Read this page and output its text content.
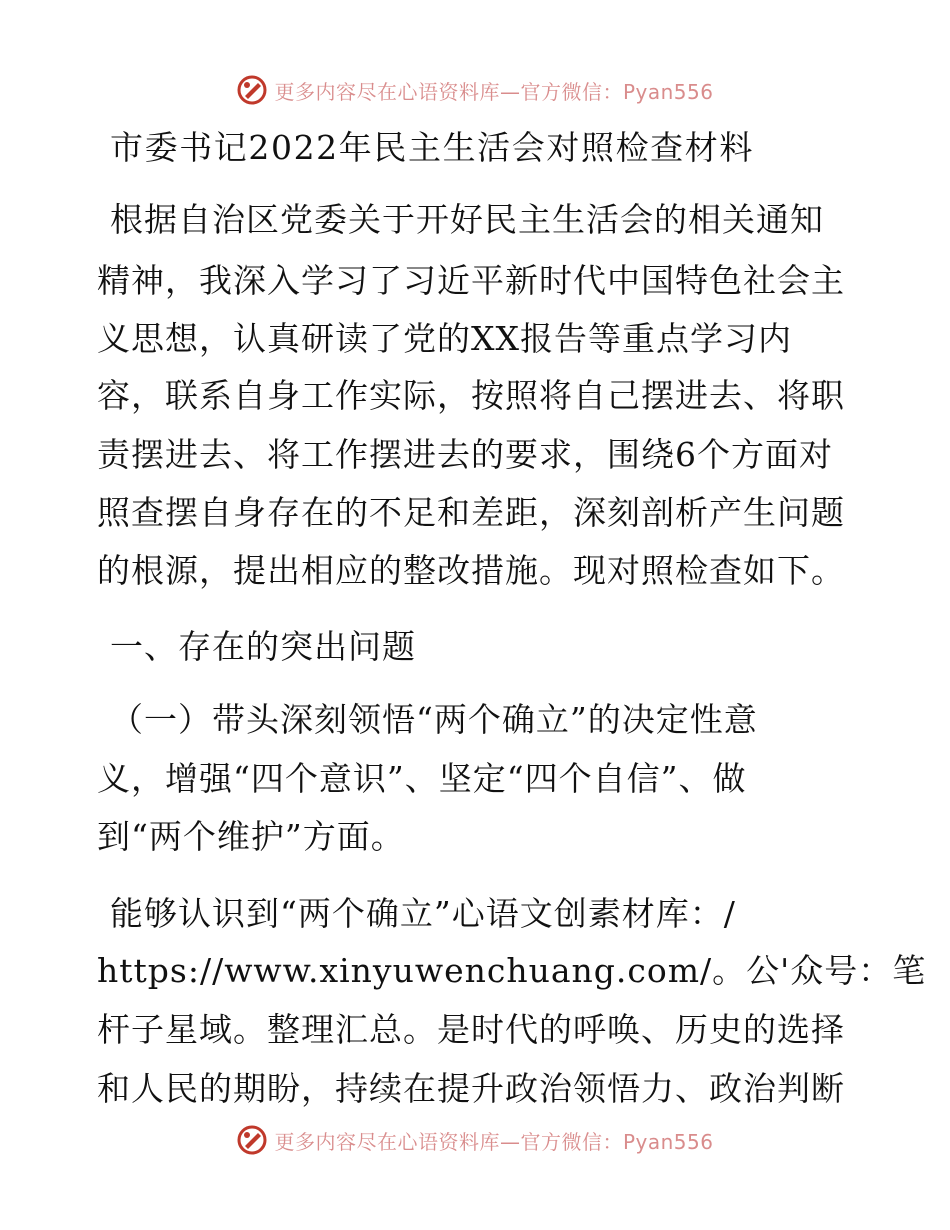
更多内容尽在心语资料库—官方微信：Pyan556
市委书记2022年民主生活会对照检查材料
根据自治区党委关于开好民主生活会的相关通知
精神，我深入学习了习近平新时代中国特色社会主
义思想，认真研读了党的XX报告等重点学习内
容，联系自身工作实际，按照将自己摆进去、将职
责摆进去、将工作摆进去的要求，围绕6个方面对
照查摆自身存在的不足和差距，深刻剖析产生问题
的根源，提出相应的整改措施。现对照检查如下。
一、存在的突出问题
（一）带头深刻领悟“两个确立”的决定性意
义，增强“四个意识”、坚定“四个自信”、做
到“两个维护”方面。
能够认识到“两个确立”心语文创素材库：/
https://www.xinyuwenchuang.com/。公'众号：笔
杆子星域。整理汇总。是时代的呼唤、历史的选择
和人民的期盼，持续在提升政治领悟力、政治判断
更多内容尽在心语资料库—官方微信：Pyan556
